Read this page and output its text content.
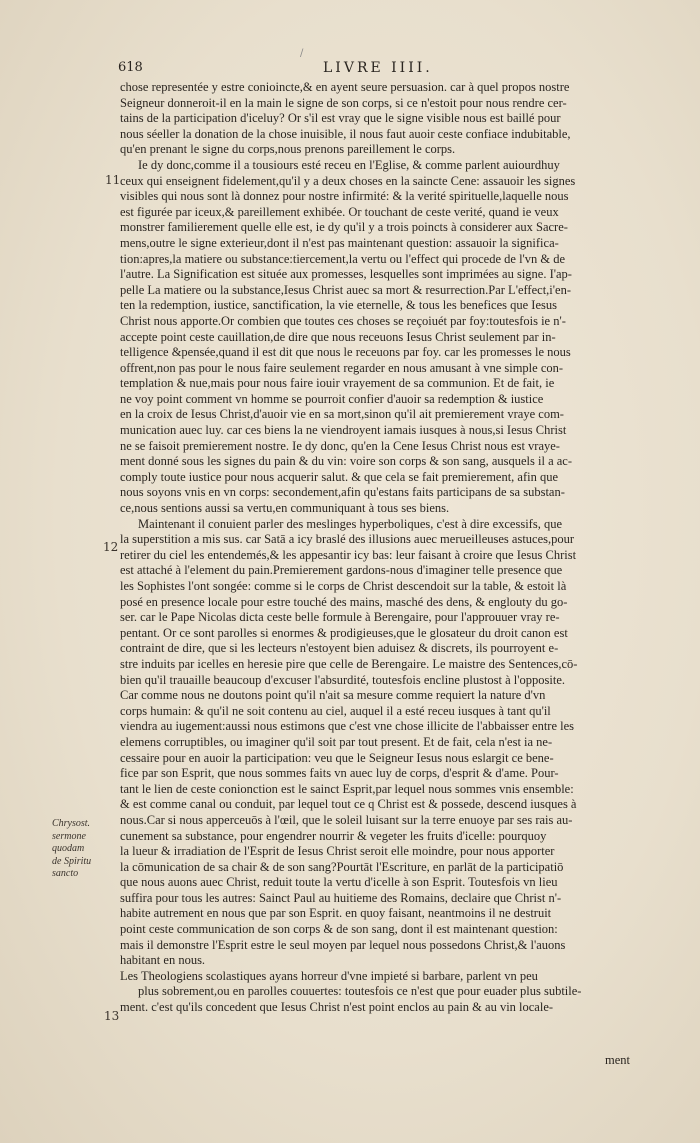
618	LIVRE IIII.
/
11
12
13
Chrysost.
sermone
quodam
de Spiritu
sancto
chose representée y estre conioincte,& en ayent seure persuasion. car à quel propos nostre
Seigneur donneroit-il en la main le signe de son corps, si ce n'estoit pour nous rendre cer-
tains de la participation d'iceluy? Or s'il est vray que le signe visible nous est baillé pour
nous séeller la donation de la chose inuisible, il nous faut auoir ceste confiace indubitable,
qu'en prenant le signe du corps,nous prenons pareillement le corps.
Ie dy donc,comme il a tousiours esté receu en l'Eglise, & comme parlent auiourdhuy
ceux qui enseignent fidelement,qu'il y a deux choses en la saincte Cene: assauoir les signes
visibles qui nous sont là donnez pour nostre infirmité: & la verité spirituelle,laquelle nous
est figurée par iceux,& pareillement exhibée. Or touchant de ceste verité, quand ie veux
monstrer familierement quelle elle est, ie dy qu'il y a trois poincts à considerer aux Sacre-
mens,outre le signe exterieur,dont il n'est pas maintenant question: assauoir la significa-
tion:apres,la matiere ou substance:tiercement,la vertu ou l'effect qui procede de l'vn & de
l'autre. La Signification est située aux promesses, lesquelles sont imprimées au signe. I'ap-
pelle La matiere ou la substance,Iesus Christ auec sa mort & resurrection.Par L'effect,i'en-
ten la redemption, iustice, sanctification, la vie eternelle, & tous les benefices que Iesus
Christ nous apporte.Or combien que toutes ces choses se reçoiuét par foy:toutesfois ie n'-
accepte point ceste cauillation,de dire que nous receuons Iesus Christ seulement par in-
telligence &pensée,quand il est dit que nous le receuons par foy. car les promesses le nous
offrent,non pas pour le nous faire seulement regarder en nous amusant à vne simple con-
templation & nue,mais pour nous faire iouir vrayement de sa communion. Et de fait, ie
ne voy point comment vn homme se pourroit confier d'auoir sa redemption & iustice
en la croix de Iesus Christ,d'auoir vie en sa mort,sinon qu'il ait premierement vraye com-
munication auec luy. car ces biens la ne viendroyent iamais iusques à nous,si Iesus Christ
ne se faisoit premierement nostre. Ie dy donc, qu'en la Cene Iesus Christ nous est vraye-
ment donné sous les signes du pain & du vin: voire son corps & son sang, ausquels il a ac-
comply toute iustice pour nous acquerir salut. & que cela se fait premierement, afin que
nous soyons vnis en vn corps: secondement,afin qu'estans faits participans de sa substan-
ce,nous sentions aussi sa vertu,en communiquant à tous ses biens.
Maintenant il conuient parler des meslinges hyperboliques, c'est à dire excessifs, que
la superstition a mis sus. car Satā a icy braslé des illusions auec merueilleuses astuces,pour
retirer du ciel les entendemés,& les appesantir icy bas: leur faisant à croire que Iesus Christ
est attaché à l'element du pain.Premierement gardons-nous d'imaginer telle presence que
les Sophistes l'ont songée: comme si le corps de Christ descendoit sur la table, & estoit là
posé en presence locale pour estre touché des mains, masché des dens, & englouty du go-
ser. car le Pape Nicolas dicta ceste belle formule à Berengaire, pour l'approuuer vray re-
pentant. Or ce sont parolles si enormes & prodigieuses,que le glosateur du droit canon est
contraint de dire, que si les lecteurs n'estoyent bien aduisez & discrets, ils pourroyent e-
stre induits par icelles en heresie pire que celle de Berengaire. Le maistre des Sentences,cō-
bien qu'il trauaille beaucoup d'excuser l'absurdité, toutesfois encline plustost à l'opposite.
Car comme nous ne doutons point qu'il n'ait sa mesure comme requiert la nature d'vn
corps humain: & qu'il ne soit contenu au ciel, auquel il a esté receu iusques à tant qu'il
viendra au iugement:aussi nous estimons que c'est vne chose illicite de l'abbaisser entre les
elemens corruptibles, ou imaginer qu'il soit par tout present. Et de fait, cela n'est ia ne-
cessaire pour en auoir la participation: veu que le Seigneur Iesus nous eslargit ce bene-
fice par son Esprit, que nous sommes faits vn auec luy de corps, d'esprit & d'ame. Pour-
tant le lien de ceste conionction est le sainct Esprit,par lequel nous sommes vnis ensemble:
& est comme canal ou conduit, par lequel tout ce q Christ est & possede, descend iusques à
nous.Car si nous apperceuōs à l'œil, que le soleil luisant sur la terre enuoye par ses rais au-
cunement sa substance, pour engendrer nourrir & vegeter les fruits d'icelle: pourquoy
la lueur & irradiation de l'Esprit de Iesus Christ seroit elle moindre, pour nous apporter
la cōmunication de sa chair & de son sang?Pourtāt l'Escriture, en parlāt de la participatiō
que nous auons auec Christ, reduit toute la vertu d'icelle à son Esprit. Toutesfois vn lieu
suffira pour tous les autres: Sainct Paul au huitieme des Romains, declaire que Christ n'-
habite autrement en nous que par son Esprit. en quoy faisant, neantmoins il ne destruit
point ceste communication de son corps & de son sang, dont il est maintenant question:
mais il demonstre l'Esprit estre le seul moyen par lequel nous possedons Christ,& l'auons
habitant en nous.
Les Theologiens scolastiques ayans horreur d'vne impieté si barbare, parlent vn peu
plus sobrement,ou en parolles couuertes: toutesfois ce n'est que pour euader plus subtile-
ment. c'est qu'ils concedent que Iesus Christ n'est point enclos au pain & au vin locale-
ment
